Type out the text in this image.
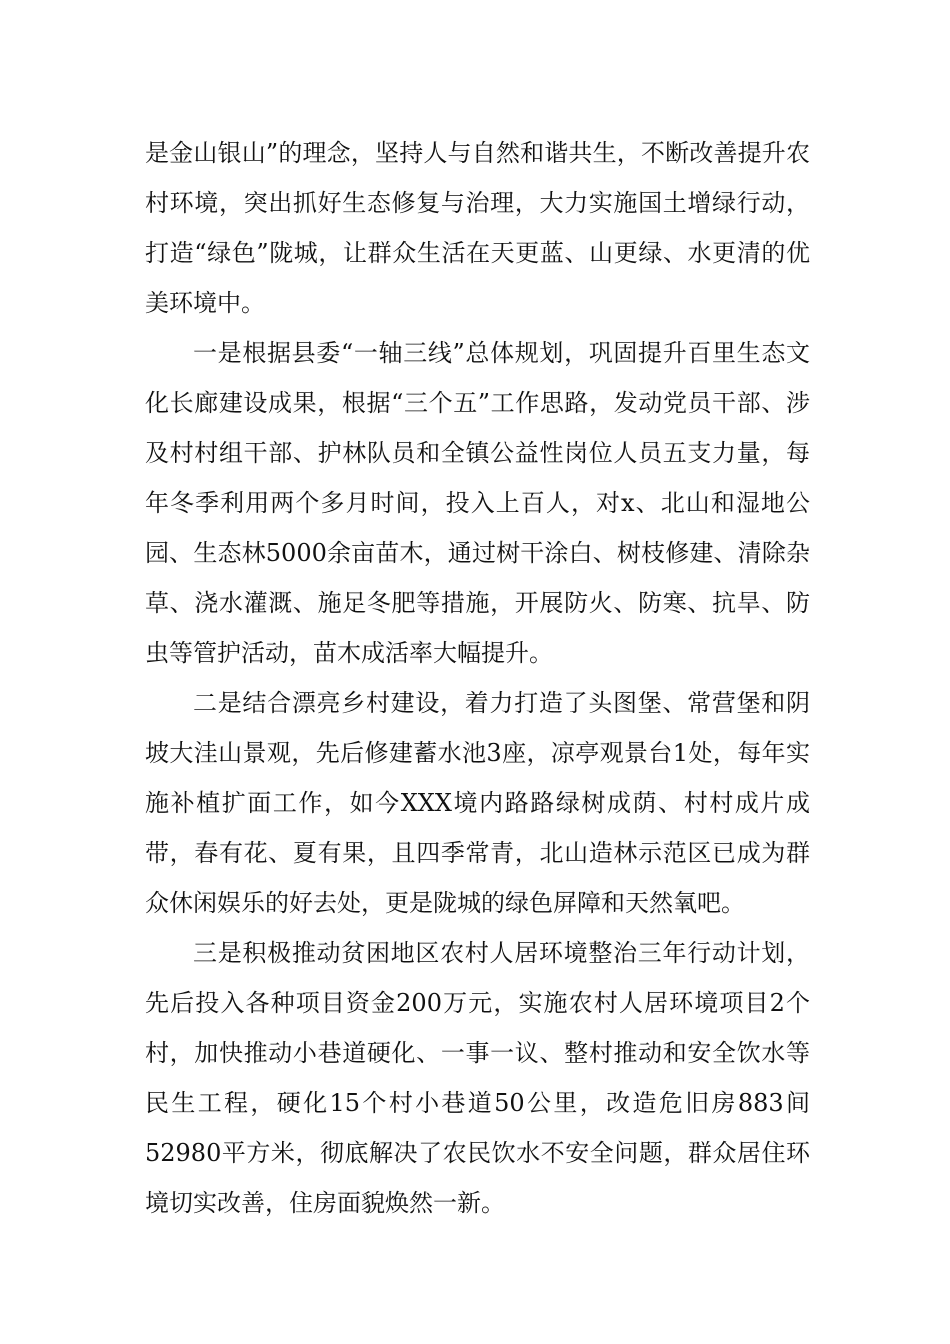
是金山银山”的理念，坚持人与自然和谐共生，不断改善提升农村环境，突出抓好生态修复与治理，大力实施国土增绿行动，打造“绿色”陇城，让群众生活在天更蓝、山更绿、水更清的优美环境中。

一是根据县委“一轴三线”总体规划，巩固提升百里生态文化长廊建设成果，根据“三个五”工作思路，发动党员干部、涉及村村组干部、护林队员和全镇公益性岗位人员五支力量，每年冬季利用两个多月时间，投入上百人，对x、北山和湿地公园、生态林5000余亩苗木，通过树干涂白、树枝修建、清除杂草、浇水灌溉、施足冬肥等措施，开展防火、防寒、抗旱、防虫等管护活动，苗木成活率大幅提升。

二是结合漂亮乡村建设，着力打造了头图堡、常营堡和阴坡大洼山景观，先后修建蓄水池3座，凉亭观景台1处，每年实施补植扩面工作，如今XXX境内路路绿树成荫、村村成片成带，春有花、夏有果，且四季常青，北山造林示范区已成为群众休闲娱乐的好去处，更是陇城的绿色屏障和天然氧吧。

三是积极推动贫困地区农村人居环境整治三年行动计划，先后投入各种项目资金200万元，实施农村人居环境项目2个村，加快推动小巷道硬化、一事一议、整村推动和安全饮水等民生工程，硬化15个村小巷道50公里，改造危旧房883间 52980平方米，彻底解决了农民饮水不安全问题，群众居住环境切实改善，住房面貌焕然一新。
